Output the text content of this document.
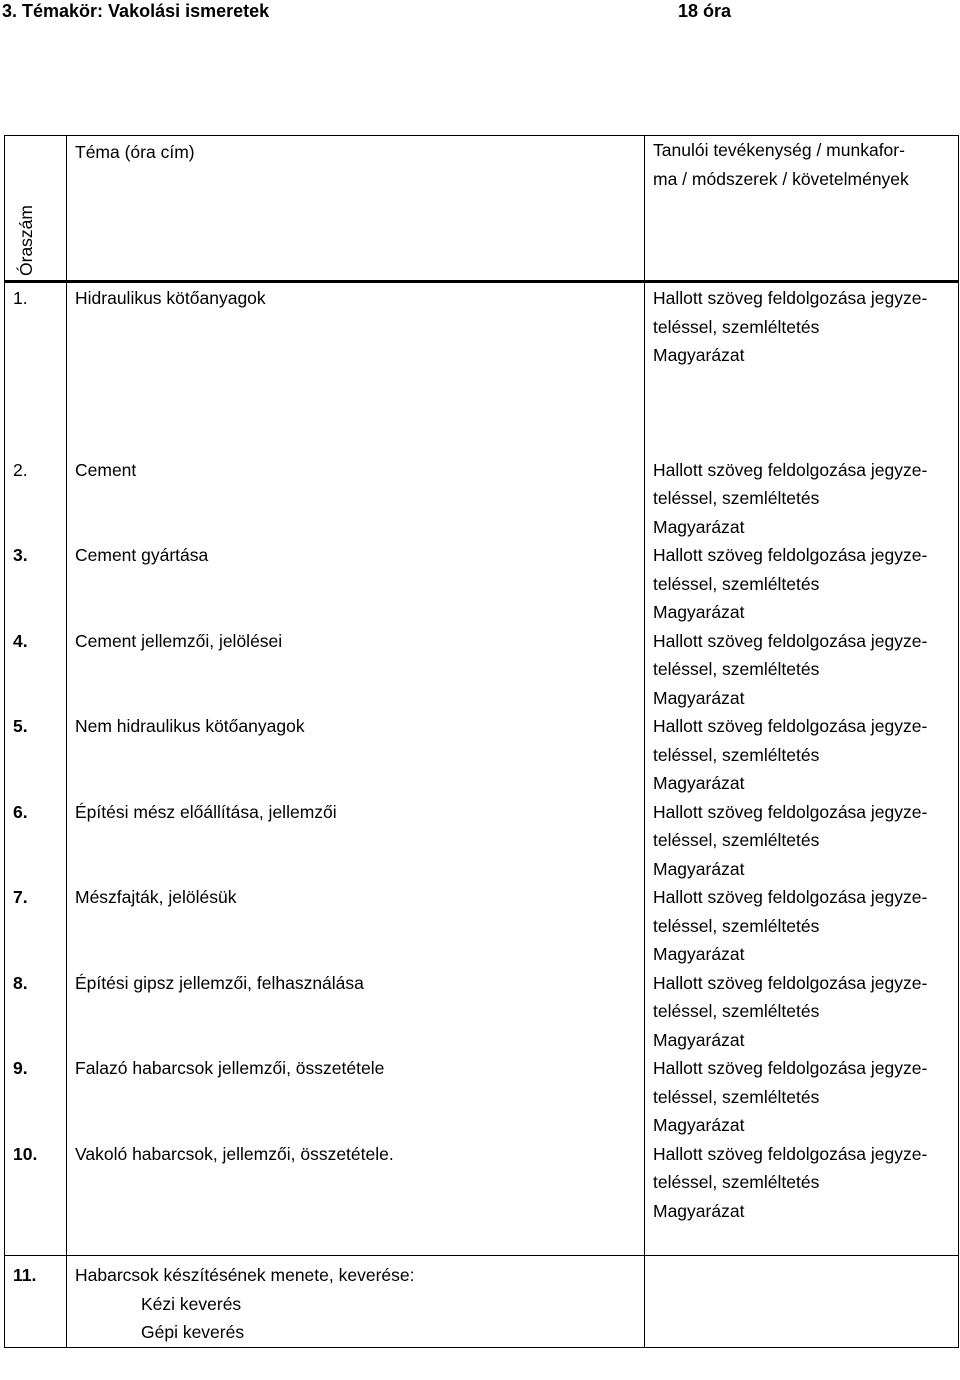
3. Témakör: Vakolási ismeretek	18 óra
Óraszám	Téma (óra cím)	Tanulói tevékenység / munkafor-
ma / módszerek / követelmények

1.	Hidraulikus kötőanyagok	Hallott szöveg feldolgozása jegyze-
teléssel, szemléltetés
Magyarázat

2.	Cement	Hallott szöveg feldolgozása jegyze-
teléssel, szemléltetés
Magyarázat

3.	Cement gyártása	Hallott szöveg feldolgozása jegyze-
teléssel, szemléltetés
Magyarázat

4.	Cement jellemzői, jelölései	Hallott szöveg feldolgozása jegyze-
teléssel, szemléltetés
Magyarázat

5.	Nem hidraulikus kötőanyagok	Hallott szöveg feldolgozása jegyze-
teléssel, szemléltetés
Magyarázat

6.	Építési mész előállítása, jellemzői	Hallott szöveg feldolgozása jegyze-
teléssel, szemléltetés
Magyarázat

7.	Mészfajták, jelölésük	Hallott szöveg feldolgozása jegyze-
teléssel, szemléltetés
Magyarázat

8.	Építési gipsz jellemzői, felhasználása	Hallott szöveg feldolgozása jegyze-
teléssel, szemléltetés
Magyarázat

9.	Falazó habarcsok jellemzői, összetétele	Hallott szöveg feldolgozása jegyze-
teléssel, szemléltetés
Magyarázat

10.	Vakoló habarcsok, jellemzői, összetétele.	Hallott szöveg feldolgozása jegyze-
teléssel, szemléltetés
Magyarázat

11.	Habarcsok készítésének menete, keverése:
Kézi keverés
Gépi keverés	
